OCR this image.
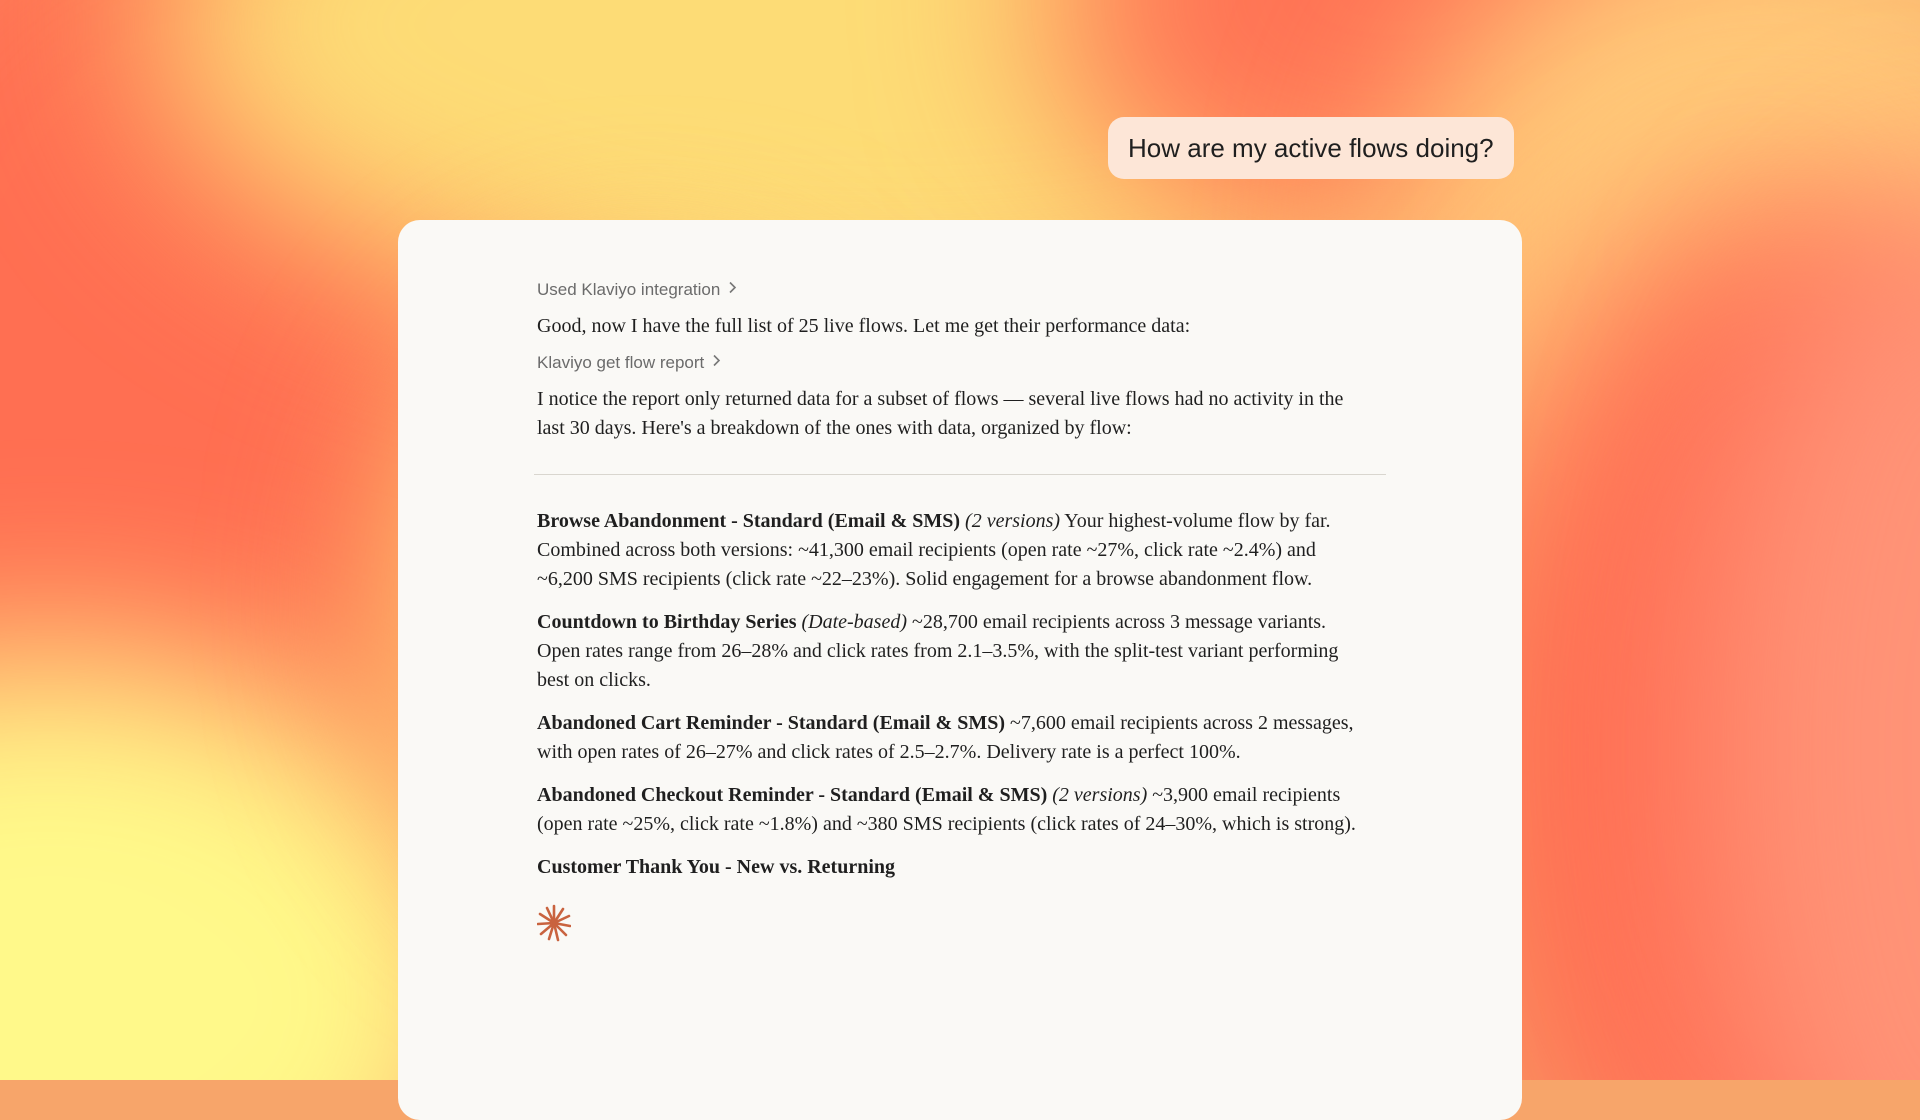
How are my active flows doing?
Used Klaviyo integration

Good, now I have the full list of 25 live flows. Let me get their performance data:

Klaviyo get flow report

I notice the report only returned data for a subset of flows — several live flows had no activity in the last 30 days. Here's a breakdown of the ones with data, organized by flow:

Browse Abandonment - Standard (Email & SMS) (2 versions) Your highest-volume flow by far. Combined across both versions: ~41,300 email recipients (open rate ~27%, click rate ~2.4%) and ~6,200 SMS recipients (click rate ~22–23%). Solid engagement for a browse abandonment flow.

Countdown to Birthday Series (Date-based) ~28,700 email recipients across 3 message variants. Open rates range from 26–28% and click rates from 2.1–3.5%, with the split-test variant performing best on clicks.

Abandoned Cart Reminder - Standard (Email & SMS) ~7,600 email recipients across 2 messages, with open rates of 26–27% and click rates of 2.5–2.7%. Delivery rate is a perfect 100%.

Abandoned Checkout Reminder - Standard (Email & SMS) (2 versions) ~3,900 email recipients (open rate ~25%, click rate ~1.8%) and ~380 SMS recipients (click rates of 24–30%, which is strong).

Customer Thank You - New vs. Returning
